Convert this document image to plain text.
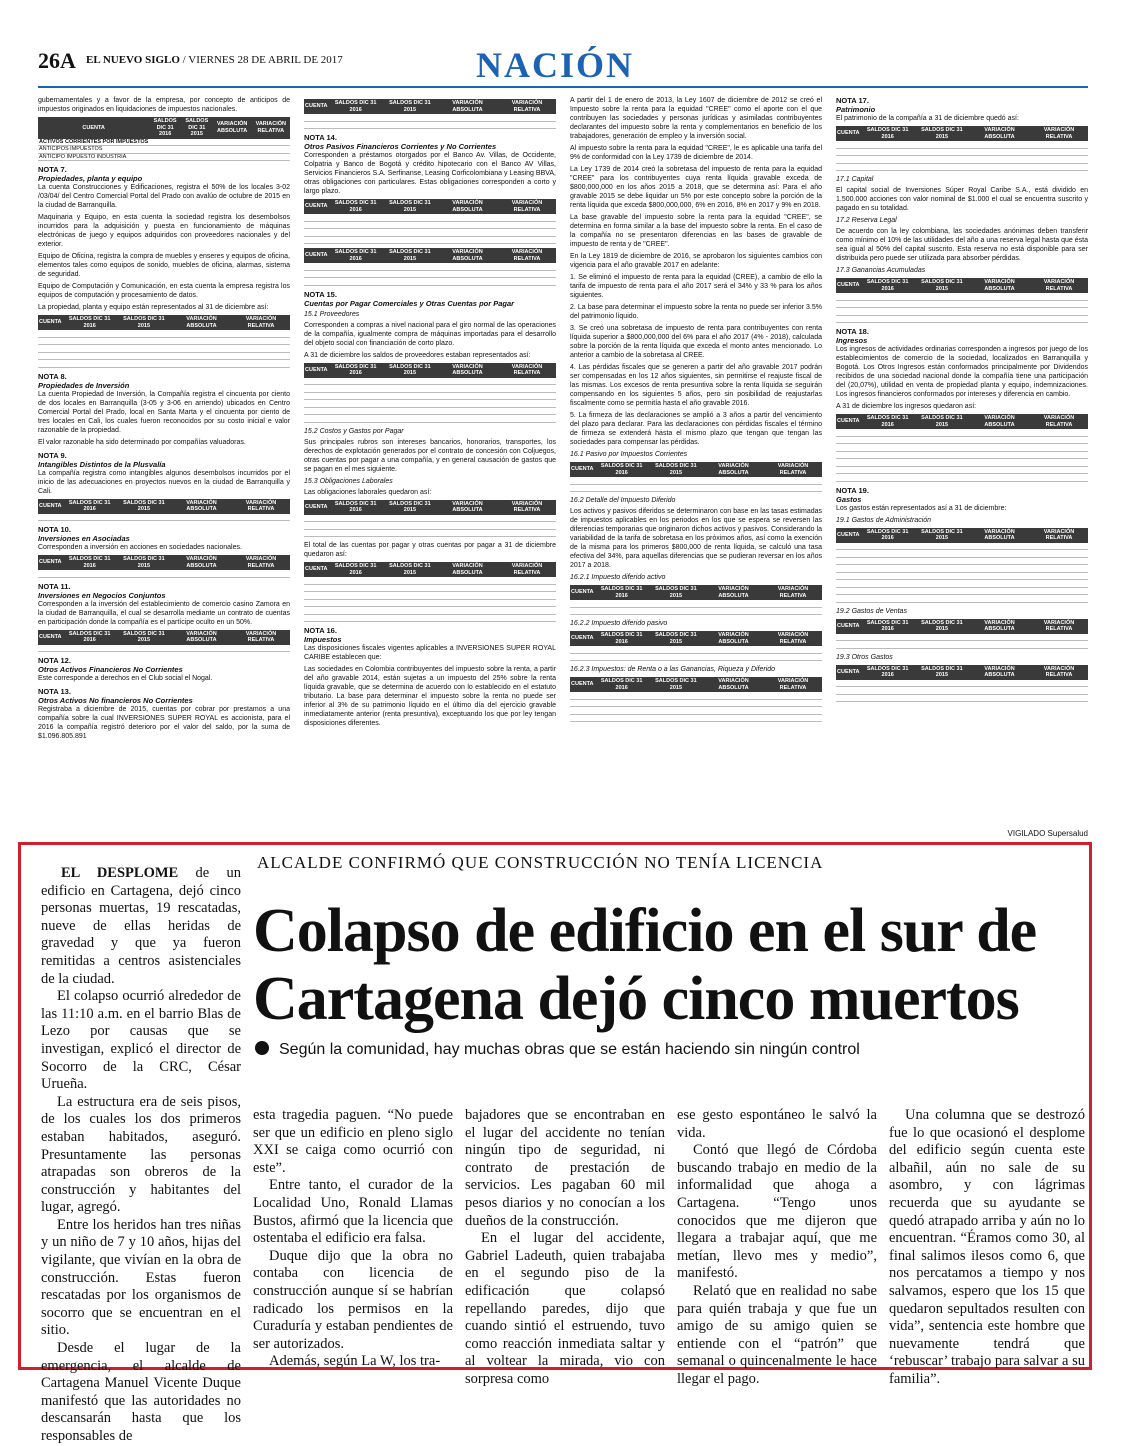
26A EL NUEVO SIGLO / VIERNES 28 DE ABRIL DE 2017	NACIÓN

gubernamentales y a favor de la empresa, por concepto de anticipos de impuestos originados en liquidaciones de impuestos nacionales.

CUENTA	SALDOS DIC 31 2016	SALDOS DIC 31 2015	VARIACIÓN ABSOLUTA	VARIACIÓN RELATIVA
ACTIVOS CORRIENTES POR IMPUESTOS				
ANTICIPOS IMPUESTOS				
ANTICIPO IMPUESTO INDUSTRIA				
NOTA 7.
Propiedades, planta y equipo

La cuenta Construcciones y Edificaciones, registra el 50% de los locales 3-02 /03/04/ del Centro Comercial Portal del Prado con avalúo de octubre de 2015 en la ciudad de Barranquilla.

Maquinaria y Equipo, en esta cuenta la sociedad registra los desembolsos incurridos para la adquisición y puesta en funcionamiento de máquinas electrónicas de juego y equipos adquiridos con proveedores nacionales y del exterior.

Equipo de Oficina, registra la compra de muebles y enseres y equipos de oficina, elementos tales como equipos de sonido, muebles de oficina, alarmas, sistema de seguridad.

Equipo de Computación y Comunicación, en esta cuenta la empresa registra los equipos de computación y procesamiento de datos.

La propiedad, planta y equipo están representados al 31 de diciembre así:

CUENTA	SALDOS DIC 31 2016	SALDOS DIC 31 2015	VARIACIÓN ABSOLUTA	VARIACIÓN RELATIVA

NOTA 8.
Propiedades de Inversión

La cuenta Propiedad de Inversión, la Compañía registra el cincuenta por ciento de dos locales en Barranquilla (3-05 y 3-06 en arriendo) ubicados en Centro Comercial Portal del Prado, local en Santa Marta y el cincuenta por ciento de tres locales en Cali, los cuales fueron reconocidos por su costo inicial e valor razonable de la propiedad.

El valor razonable ha sido determinado por compañías valuadoras.

NOTA 9.
Intangibles Distintos de la Plusvalía

La compañía registra como intangibles algunos desembolsos incurridos por el inicio de las adecuaciones en proyectos nuevos en la ciudad de Barranquilla y Cali.

CUENTA	SALDOS DIC 31 2016	SALDOS DIC 31 2015	VARIACIÓN ABSOLUTA	VARIACIÓN RELATIVA

NOTA 10.
Inversiones en Asociadas

Corresponden a inversión en acciones en sociedades nacionales.

CUENTA	SALDOS DIC 31 2016	SALDOS DIC 31 2015	VARIACIÓN ABSOLUTA	VARIACIÓN RELATIVA

NOTA 11.
Inversiones en Negocios Conjuntos

Corresponden a la inversión del establecimiento de comercio casino Zamora en la ciudad de Barranquilla, el cual se desarrolla mediante un contrato de cuentas en participación donde la compañía es el partícipe oculto en un 50%.

CUENTA	SALDOS DIC 31 2016	SALDOS DIC 31 2015	VARIACIÓN ABSOLUTA	VARIACIÓN RELATIVA

NOTA 12.
Otros Activos Financieros No Corrientes

Este corresponde a derechos en el Club social el Nogal.

NOTA 13.
Otros Activos No financieros No Corrientes

Registraba a diciembre de 2015, cuentas por cobrar por prestamos a una compañía sobre la cual INVERSIONES SUPER ROYAL es accionista, para el 2016 la compañía registró deterioro por el valor del saldo, por la suma de $1.096.805.891

CUENTA	SALDOS DIC 31 2016	SALDOS DIC 31 2015	VARIACIÓN ABSOLUTA	VARIACIÓN RELATIVA

NOTA 14.
Otros Pasivos Financieros Corrientes y No Corrientes

Corresponden a préstamos otorgados por el Banco Av. Villas, de Occidente, Colpatria y Banco de Bogotá y crédito hipotecario con el Banco AV Villas, Servicios Financieros S.A. Serfinanse, Leasing Corficolombiana y Leasing BBVA, otras obligaciones con particulares. Estas obligaciones corresponden a corto y largo plazo.

CUENTA	SALDOS DIC 31 2016	SALDOS DIC 31 2015	VARIACIÓN ABSOLUTA	VARIACIÓN RELATIVA

CUENTA	SALDOS DIC 31 2016	SALDOS DIC 31 2015	VARIACIÓN ABSOLUTA	VARIACIÓN RELATIVA

NOTA 15.
Cuentas por Pagar Comerciales y Otras Cuentas por Pagar
15.1 Proveedores

Corresponden a compras a nivel nacional para el giro normal de las operaciones de la compañía, igualmente compra de máquinas importadas para el desarrollo del objeto social con financiación de corto plazo.

A 31 de diciembre los saldos de proveedores estaban representados así:

CUENTA	SALDOS DIC 31 2016	SALDOS DIC 31 2015	VARIACIÓN ABSOLUTA	VARIACIÓN RELATIVA

15.2 Costos y Gastos por Pagar

Sus principales rubros son intereses bancarios, honorarios, transportes, los derechos de explotación generados por el contrato de concesión con Coljuegos, otras cuentas por pagar a una compañía, y en general causación de gastos que se pagan en el mes siguiente.

15.3 Obligaciones Laborales

Las obligaciones laborales quedaron así:

CUENTA	SALDOS DIC 31 2016	SALDOS DIC 31 2015	VARIACIÓN ABSOLUTA	VARIACIÓN RELATIVA

El total de las cuentas por pagar y otras cuentas por pagar a 31 de diciembre quedaron así:

CUENTA	SALDOS DIC 31 2016	SALDOS DIC 31 2015	VARIACIÓN ABSOLUTA	VARIACIÓN RELATIVA

NOTA 16.
Impuestos

Las disposiciones fiscales vigentes aplicables a INVERSIONES SUPER ROYAL CARIBE establecen que:

Las sociedades en Colombia contribuyentes del impuesto sobre la renta, a partir del año gravable 2014, están sujetas a un impuesto del 25% sobre la renta líquida gravable, que se determina de acuerdo con lo establecido en el estatuto tributario. La base para determinar el impuesto sobre la renta no puede ser inferior al 3% de su patrimonio líquido en el último día del ejercicio gravable inmediatamente anterior (renta presuntiva), exceptuando los que por ley tengan disposiciones diferentes.

A partir del 1 de enero de 2013, la Ley 1607 de diciembre de 2012 se creó el Impuesto sobre la renta para la equidad "CREE" como el aporte con el que contribuyen las sociedades y personas jurídicas y asimiladas contribuyentes declarantes del impuesto sobre la renta y complementarios en beneficio de los trabajadores, generación de empleo y la inversión social.

Al impuesto sobre la renta para la equidad "CREE", le es aplicable una tarifa del 9% de conformidad con la Ley 1739 de diciembre de 2014.

La Ley 1739 de 2014 creó la sobretasa del impuesto de renta para la equidad "CREE" para los contribuyentes cuya renta líquida gravable exceda de $800,000,000 en los años 2015 a 2018, que se determina así: Para el año gravable 2015 se debe liquidar un 5% por este concepto sobre la porción de la renta líquida que exceda $800,000,000, 6% en 2016, 8% en 2017 y 9% en 2018.

La base gravable del impuesto sobre la renta para la equidad "CREE", se determina en forma similar a la base del impuesto sobre la renta. En el caso de la compañía no se presentaron diferencias en las bases de gravable de impuesto de renta y de "CREE".

En la Ley 1819 de diciembre de 2016, se aprobaron los siguientes cambios con vigencia para el año gravable 2017 en adelante:

1. Se eliminó el impuesto de renta para la equidad (CREE), a cambio de ello la tarifa de impuesto de renta para el año 2017 será el 34% y 33 % para los años siguientes.

2. La base para determinar el impuesto sobre la renta no puede ser inferior 3.5% del patrimonio líquido.

3. Se creó una sobretasa de impuesto de renta para contribuyentes con renta líquida superior a $800,000,000 del 6% para el año 2017 (4% - 2018), calculada sobre la porción de la renta líquida que exceda el monto antes mencionado. Lo anterior a cambio de la sobretasa al CREE.

4. Las pérdidas fiscales que se generen a partir del año gravable 2017 podrán ser compensadas en los 12 años siguientes, sin permitirse el reajuste fiscal de las mismas. Los excesos de renta presuntiva sobre la renta líquida se seguirán compensando en los siguientes 5 años, pero sin posibilidad de reajustarlas fiscalmente como se permitía hasta el año gravable 2016.

5. La firmeza de las declaraciones se amplió a 3 años a partir del vencimiento del plazo para declarar. Para las declaraciones con pérdidas fiscales el término de firmeza se extenderá hasta el mismo plazo que tengan que tengan las sociedades para compensar las pérdidas.

16.1 Pasivo por Impuestos Corrientes
CUENTA	SALDOS DIC 31 2016	SALDOS DIC 31 2015	VARIACIÓN ABSOLUTA	VARIACIÓN RELATIVA

16.2 Detalle del Impuesto Diferido

Los activos y pasivos diferidos se determinaron con base en las tasas estimadas de impuestos aplicables en los periodos en los que se espera se reversen las diferencias temporarias que originaron dichos activos y pasivos. Considerando la variabilidad de la tarifa de sobretasa en los próximos años, así como la exención de la misma para los primeros $800,000 de renta líquida, se calculó una tasa efectiva del 34%, para aquellas diferencias que se pudieran reversar en los años 2017 a 2018.

16.2.1 Impuesto diferido activo
CUENTA	SALDOS DIC 31 2016	SALDOS DIC 31 2015	VARIACIÓN ABSOLUTA	VARIACIÓN RELATIVA

16.2.2 Impuesto diferido pasivo
CUENTA	SALDOS DIC 31 2016	SALDOS DIC 31 2015	VARIACIÓN ABSOLUTA	VARIACIÓN RELATIVA

16.2.3 Impuestos: de Renta o a las Ganancias, Riqueza y Diferido
CUENTA	SALDOS DIC 31 2016	SALDOS DIC 31 2015	VARIACIÓN ABSOLUTA	VARIACIÓN RELATIVA

NOTA 17.
Patrimonio

El patrimonio de la compañía a 31 de diciembre quedó así:

CUENTA	SALDOS DIC 31 2016	SALDOS DIC 31 2015	VARIACIÓN ABSOLUTA	VARIACIÓN RELATIVA

17.1 Capital

El capital social de Inversiones Súper Royal Caribe S.A., está dividido en 1.500.000 acciones con valor nominal de $1.000 el cual se encuentra suscrito y pagado en su totalidad.

17.2 Reserva Legal

De acuerdo con la ley colombiana, las sociedades anónimas deben transferir como mínimo el 10% de las utilidades del año a una reserva legal hasta que ésta sea igual al 50% del capital suscrito. Esta reserva no está disponible para ser distribuida pero puede ser utilizada para absorber pérdidas.

17.3 Ganancias Acumuladas
CUENTA	SALDOS DIC 31 2016	SALDOS DIC 31 2015	VARIACIÓN ABSOLUTA	VARIACIÓN RELATIVA

NOTA 18.
Ingresos

Los ingresos de actividades ordinarias corresponden a ingresos por juego de los establecimientos de comercio de la sociedad, localizados en Barranquilla y Bogotá. Los Otros Ingresos están conformados principalmente por Dividendos recibidos de una sociedad nacional donde la compañía tiene una participación del (20,07%), utilidad en venta de propiedad planta y equipo, indemnizaciones. Los ingresos financieros conformados por intereses y diferencia en cambio.

A 31 de diciembre los ingresos quedaron así:

CUENTA	SALDOS DIC 31 2016	SALDOS DIC 31 2015	VARIACIÓN ABSOLUTA	VARIACIÓN RELATIVA

NOTA 19.
Gastos

Los gastos están representados así a 31 de diciembre:

19.1 Gastos de Administración
CUENTA	SALDOS DIC 31 2016	SALDOS DIC 31 2015	VARIACIÓN ABSOLUTA	VARIACIÓN RELATIVA

19.2 Gastos de Ventas
CUENTA	SALDOS DIC 31 2016	SALDOS DIC 31 2015	VARIACIÓN ABSOLUTA	VARIACIÓN RELATIVA

19.3 Otros Gastos
CUENTA	SALDOS DIC 31 2016	SALDOS DIC 31 2015	VARIACIÓN ABSOLUTA	VARIACIÓN RELATIVA

VIGILADO Supersalud
ALCALDE CONFIRMÓ QUE CONSTRUCCIÓN NO TENÍA LICENCIA
Colapso de edificio en el sur de Cartagena dejó cinco muertos
Según la comunidad, hay muchas obras que se están haciendo sin ningún control

EL DESPLOME de un edificio en Cartagena, dejó cinco personas muertas, 19 rescatadas, nueve de ellas heridas de gravedad y que ya fueron remitidas a centros asistenciales de la ciudad.

El colapso ocurrió alrededor de las 11:10 a.m. en el barrio Blas de Lezo por causas que se investigan, explicó el director de Socorro de la CRC, César Urueña.

La estructura era de seis pisos, de los cuales los dos primeros estaban habitados, aseguró. Presuntamente las personas atrapadas son obreros de la construcción y habitantes del lugar, agregó.

Entre los heridos han tres niñas y un niño de 7 y 10 años, hijas del vigilante, que vivían en la obra de construcción. Estas fueron rescatadas por los organismos de socorro que se encuentran en el sitio.

Desde el lugar de la emergencia, el alcalde de Cartagena Manuel Vicente Duque manifestó que las autoridades no descansarán hasta que los responsables de

esta tragedia paguen. “No puede ser que un edificio en pleno siglo XXI se caiga como ocurrió con este”.

Entre tanto, el curador de la Localidad Uno, Ronald Llamas Bustos, afirmó que la licencia que ostentaba el edificio era falsa.

Duque dijo que la obra no contaba con licencia de construcción aunque sí se habrían radicado los permisos en la Curaduría y estaban pendientes de ser autorizados.

Además, según La W, los tra-

bajadores que se encontraban en el lugar del accidente no tenían ningún tipo de seguridad, ni contrato de prestación de servicios. Les pagaban 60 mil pesos diarios y no conocían a los dueños de la construcción.

En el lugar del accidente, Gabriel Ladeuth, quien trabajaba en el segundo piso de la edificación que colapsó repellando paredes, dijo que cuando sintió el estruendo, tuvo como reacción inmediata saltar y al voltear la mirada, vio con sorpresa como

ese gesto espontáneo le salvó la vida.

Contó que llegó de Córdoba buscando trabajo en medio de la informalidad que ahoga a Cartagena. “Tengo unos conocidos que me dijeron que llegara a trabajar aquí, que me metían, llevo mes y medio”, manifestó.

Relató que en realidad no sabe para quién trabaja y que fue un amigo de su amigo quien se entiende con el “patrón” que semanal o quincenalmente le hace llegar el pago.

Una columna que se destrozó fue lo que ocasionó el desplome del edificio según cuenta este albañil, aún no sale de su asombro, y con lágrimas recuerda que su ayudante se quedó atrapado arriba y aún no lo encuentran. “Éramos como 30, al final salimos ilesos como 6, que nos percatamos a tiempo y nos salvamos, espero que los 15 que quedaron sepultados resulten con vida”, sentencia este hombre que nuevamente tendrá que ‘rebuscar’ trabajo para salvar a su familia”.
